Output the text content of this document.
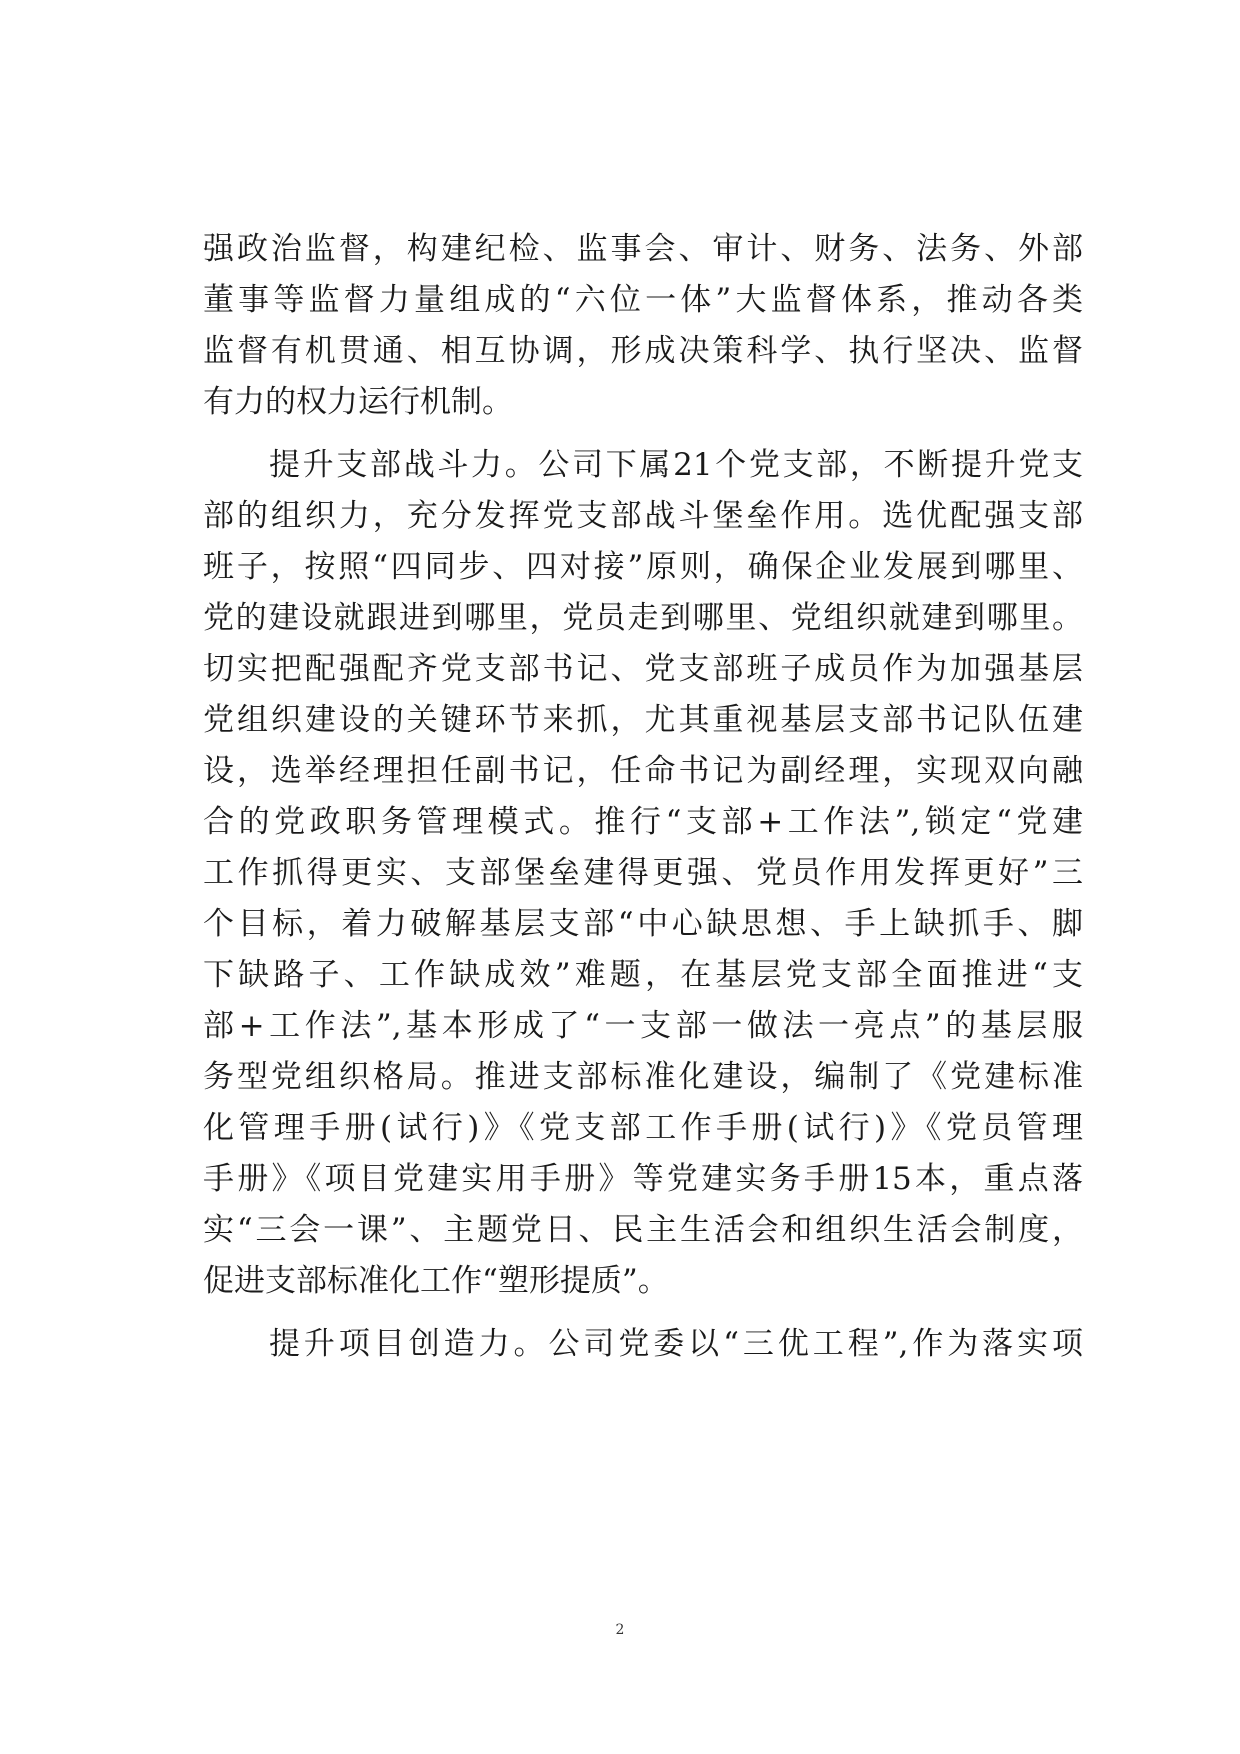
强政治监督，构建纪检、监事会、审计、财务、法务、外部
董事等监督力量组成的“六位一体”大监督体系，推动各类
监督有机贯通、相互协调，形成决策科学、执行坚决、监督
有力的权力运行机制。
提升支部战斗力。公司下属21个党支部，不断提升党支
部的组织力，充分发挥党支部战斗堡垒作用。选优配强支部
班子，按照“四同步、四对接”原则，确保企业发展到哪里、
党的建设就跟进到哪里，党员走到哪里、党组织就建到哪里。
切实把配强配齐党支部书记、党支部班子成员作为加强基层
党组织建设的关键环节来抓，尤其重视基层支部书记队伍建
设，选举经理担任副书记，任命书记为副经理，实现双向融
合的党政职务管理模式。推行“支部+工作法”,锁定“党建
工作抓得更实、支部堡垒建得更强、党员作用发挥更好”三
个目标，着力破解基层支部“中心缺思想、手上缺抓手、脚
下缺路子、工作缺成效”难题，在基层党支部全面推进“支
部+工作法”,基本形成了“一支部一做法一亮点”的基层服
务型党组织格局。推进支部标准化建设，编制了《党建标准
化管理手册(试行)》《党支部工作手册(试行)》《党员管理
手册》《项目党建实用手册》等党建实务手册15本，重点落
实“三会一课”、主题党日、民主生活会和组织生活会制度，
促进支部标准化工作“塑形提质”。
提升项目创造力。公司党委以“三优工程”,作为落实项
2
